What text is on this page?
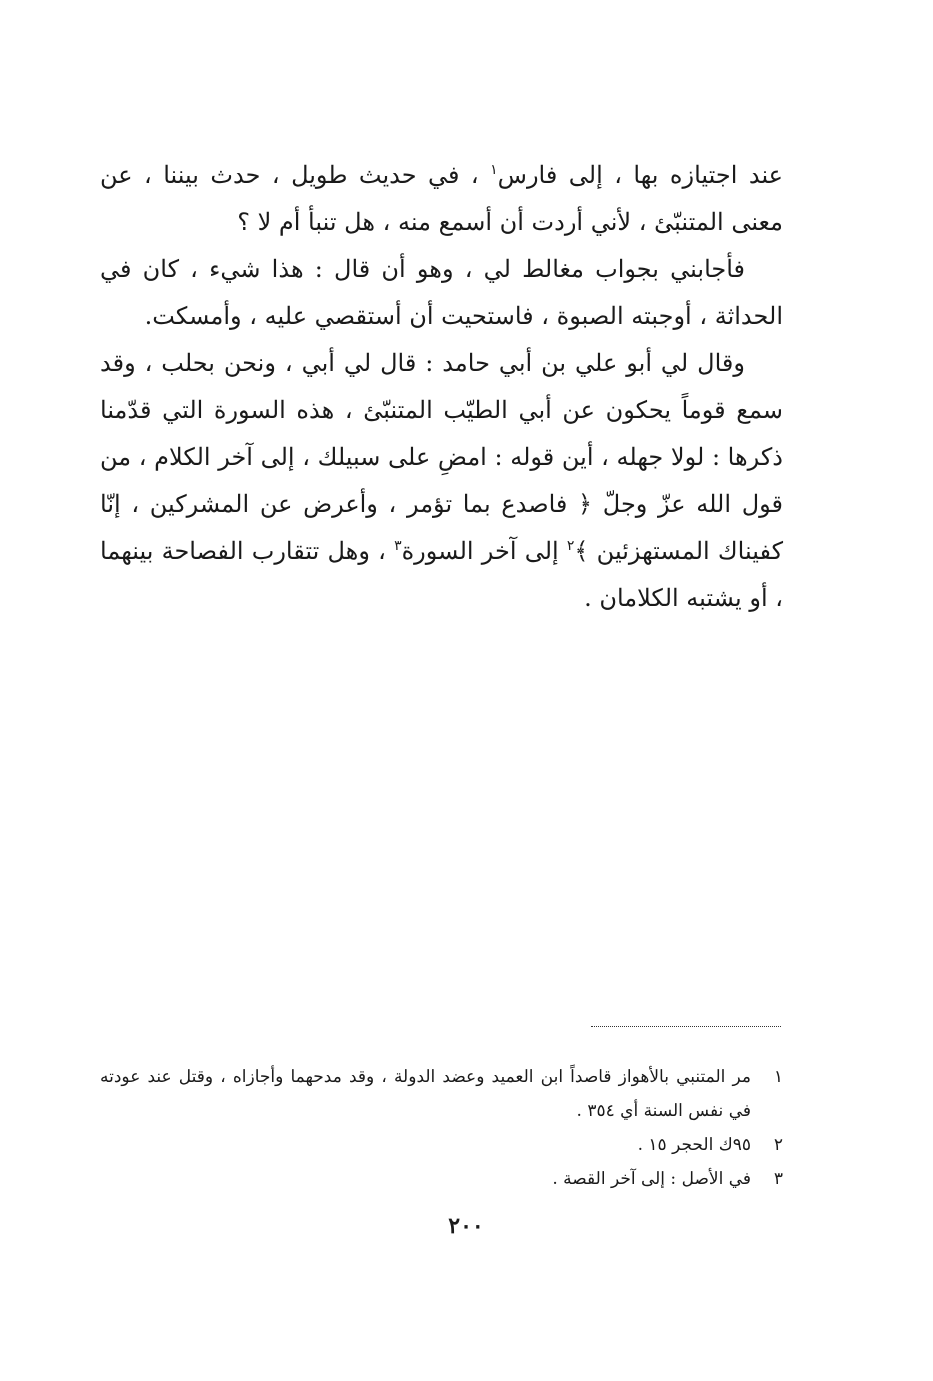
عند اجتيازه بها ، إلى فارس$^١$ ، في حديث طويل ، حدث بيننا ، عن معنى المتنبّئ ، لأني أردت أن أسمع منه ، هل تنبأ أم لا ؟

فأجابني بجواب مغالط لي ، وهو أن قال : هذا شيء ، كان في الحداثة ، أوجبته الصبوة ، فاستحيت أن أستقصي عليه ، وأمسكت.

وقال لي أبو علي بن أبي حامد : قال لي أبي ، ونحن بحلب ، وقد سمع قوماً يحكون عن أبي الطيّب المتنبّئ ، هذه السورة التي قدّمنا ذكرها : لولا جهله ، أين قوله : امضِ على سبيلك ، إلى آخر الكلام ، من قول الله عزّ وجلّ ﴿ فاصدع بما تؤمر ، وأعرض عن المشركين ، إنّا كفيناك المستهزئين ﴾$^٢$ إلى آخر السورة$^٣$ ، وهل تتقارب الفصاحة بينهما ، أو يشتبه الكلامان .

١
مر المتنبي بالأهواز قاصداً ابن العميد وعضد الدولة ، وقد مدحهما وأجازاه ، وقتل عند عودته في نفس السنة أي ٣٥٤ .
٢
٩٥ك الحجر ١٥ .
٣
في الأصل : إلى آخر القصة .
٢٠٠
